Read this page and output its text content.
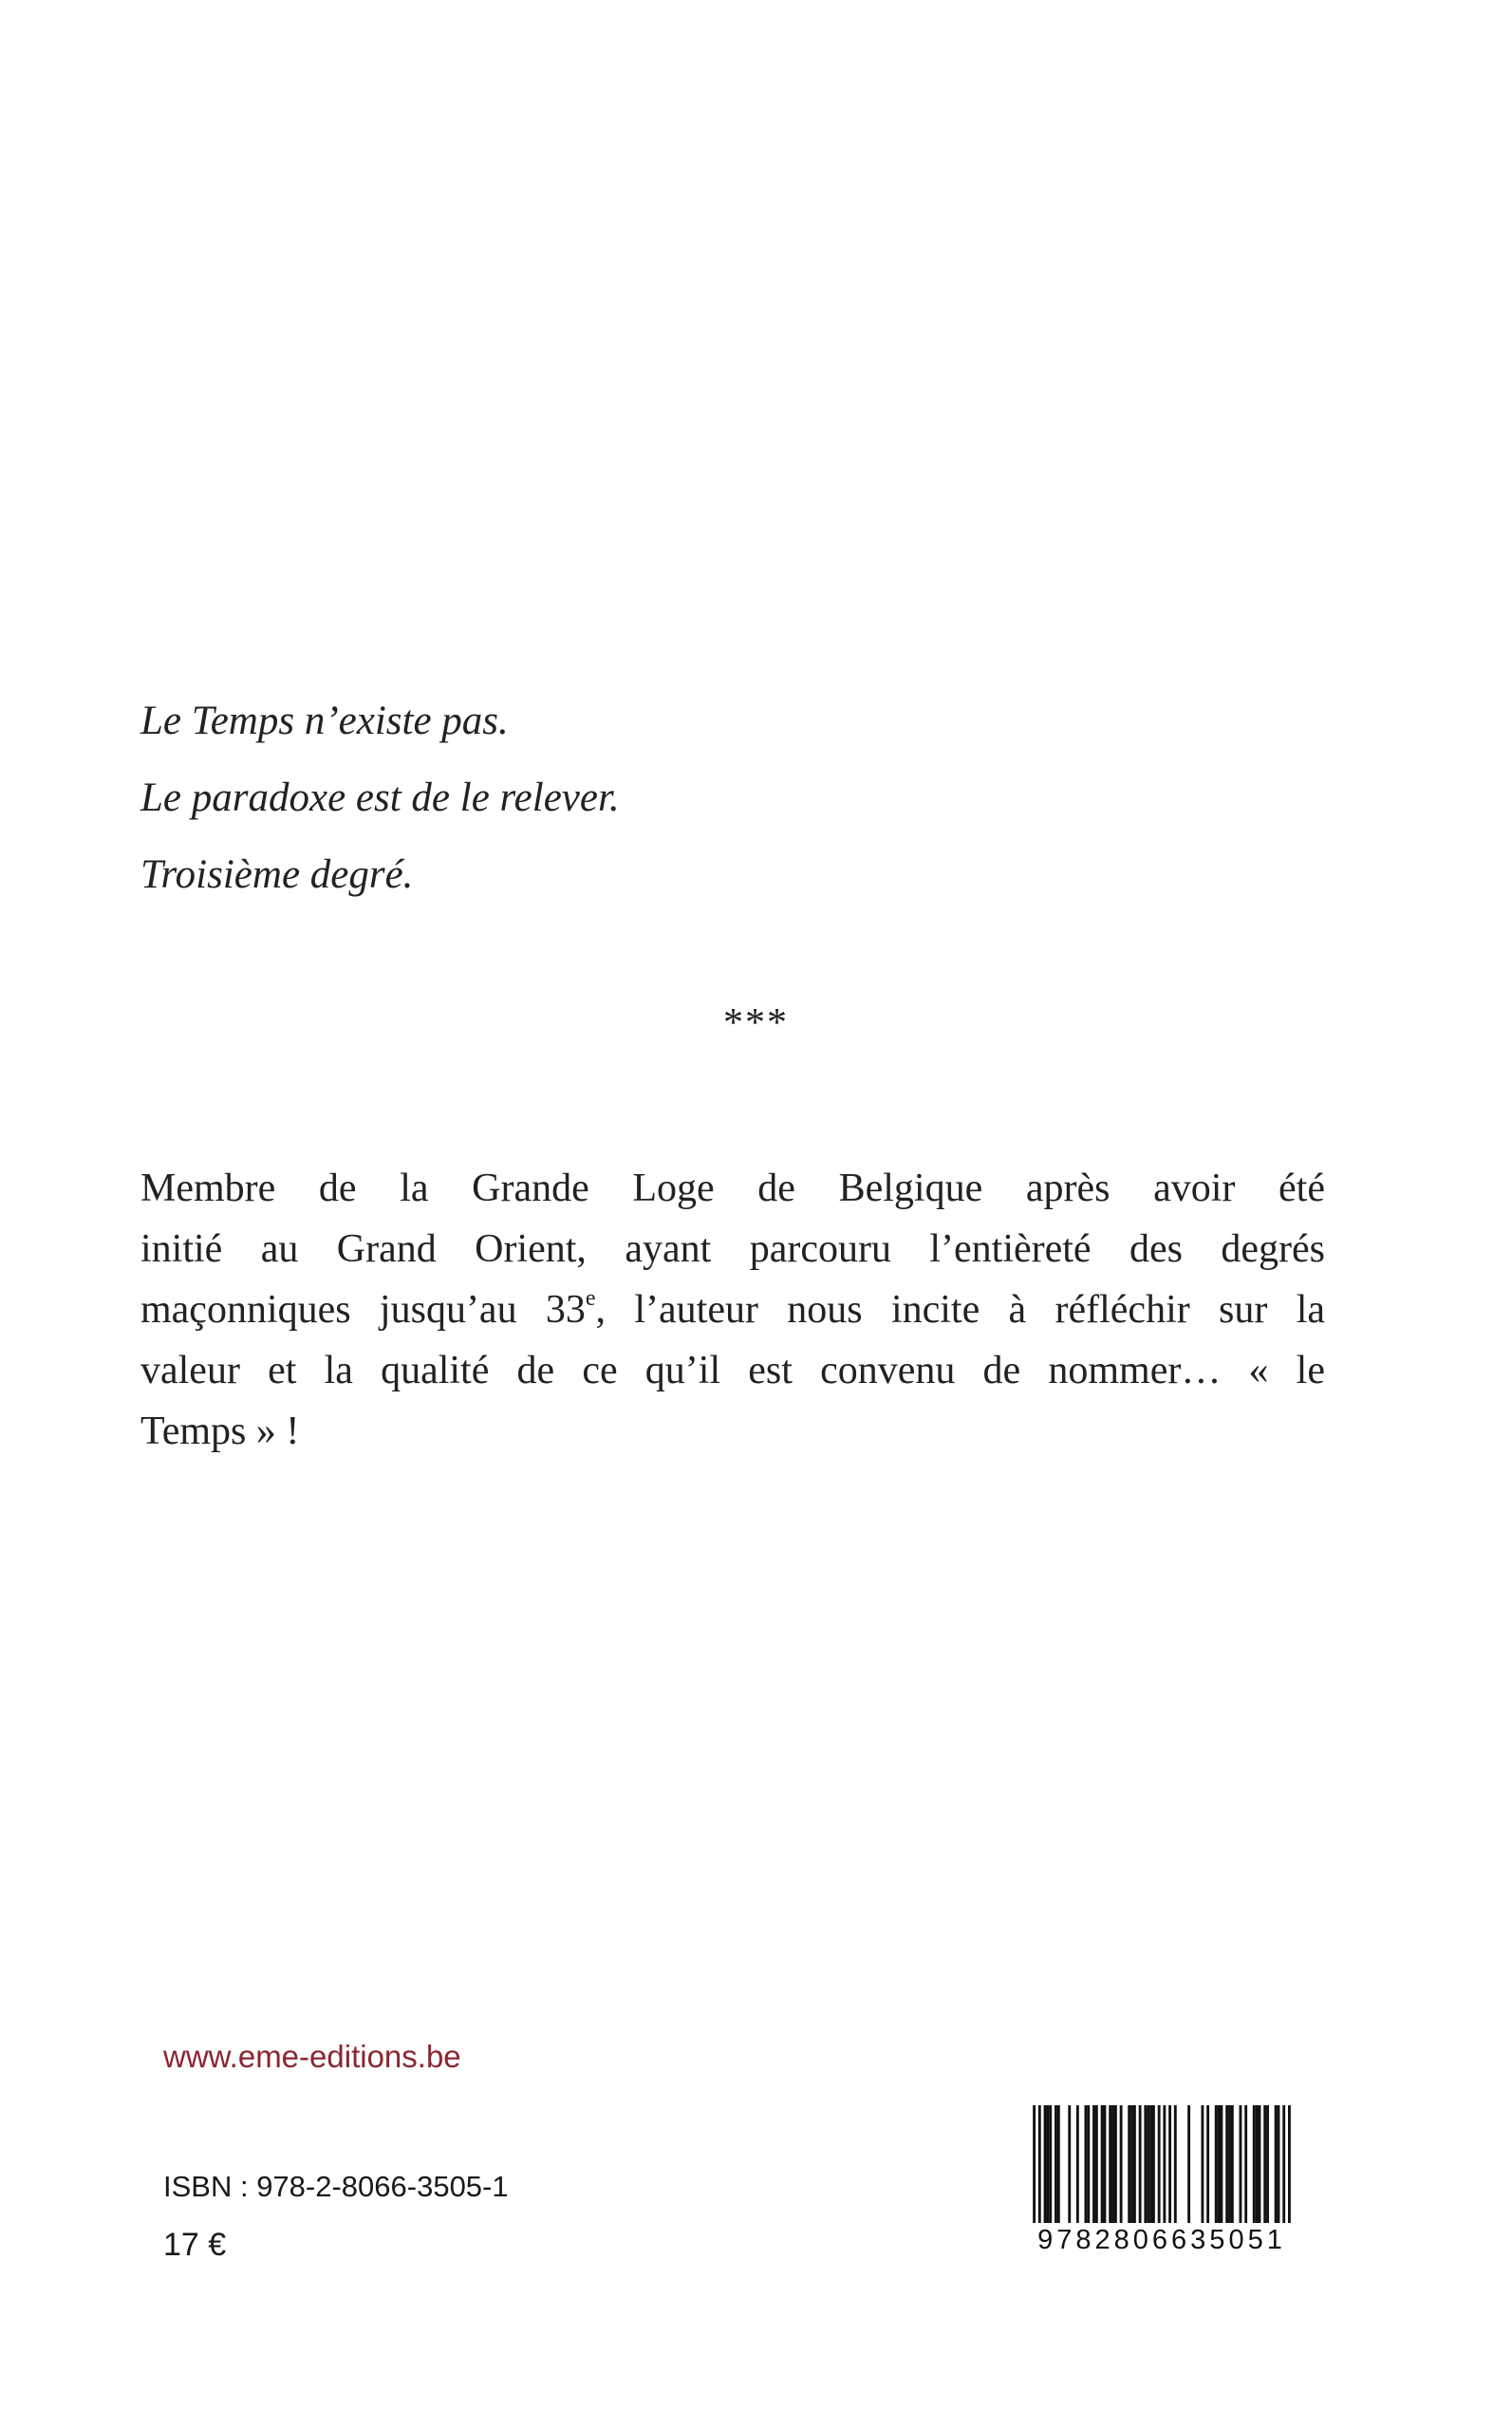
Le Temps n’existe pas.
Le paradoxe est de le relever.
Troisième degré.
***
Membre de la Grande Loge de Belgique après avoir été
initié au Grand Orient, ayant parcouru l’entièreté des degrés
maçonniques jusqu’au 33e, l’auteur nous incite à réfléchir sur la
valeur et la qualité de ce qu’il est convenu de nommer… « le
Temps » !
www.eme-editions.be
ISBN : 978-2-8066-3505-1
17 €	9782806635051
